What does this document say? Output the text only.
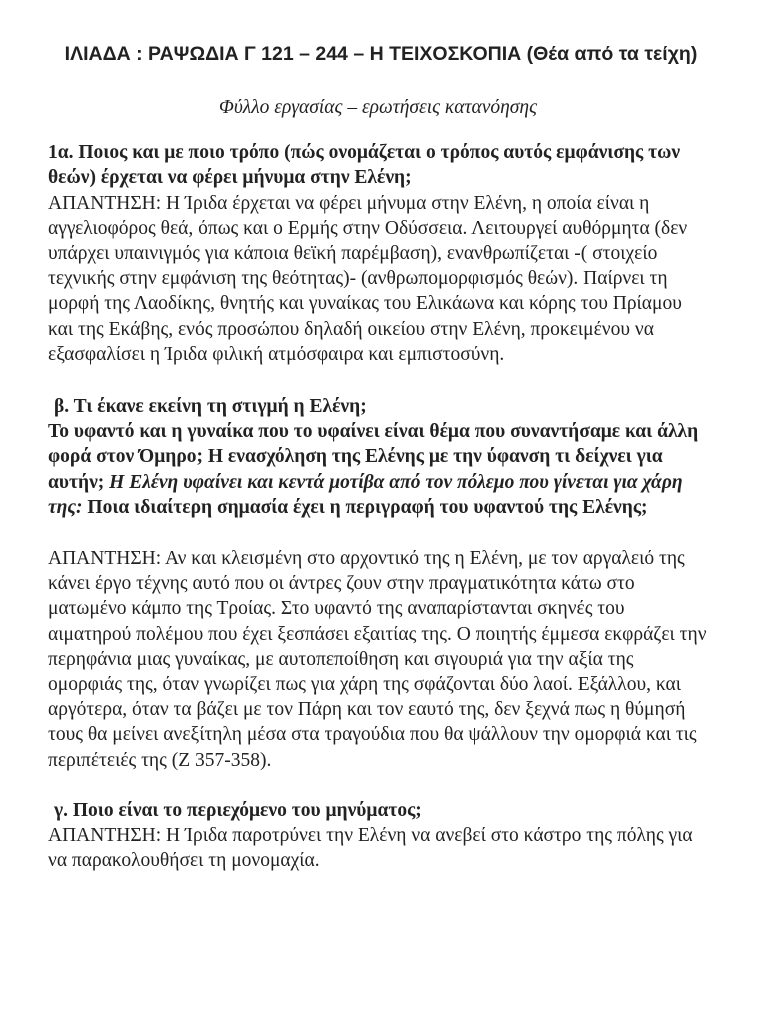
ΙΛΙΑΔΑ : ΡΑΨΩΔΙΑ Γ 121 – 244 – Η ΤΕΙΧΟΣΚΟΠΙΑ (Θέα από τα τείχη)

Φύλλο εργασίας – ερωτήσεις κατανόησης

1α. Ποιος και με ποιο τρόπο (πώς ονομάζεται ο τρόπος αυτός εμφάνισης των θεών) έρχεται να φέρει μήνυμα στην Ελένη;

ΑΠΑΝΤΗΣΗ: Η Ίριδα έρχεται να φέρει μήνυμα στην Ελένη, η οποία είναι η αγγελιοφόρος θεά, όπως και ο Ερμής στην Οδύσσεια. Λειτουργεί αυθόρμητα (δεν υπάρχει υπαινιγμός για κάποια θεϊκή παρέμβαση), ενανθρωπίζεται -( στοιχείο τεχνικής στην εμφάνιση της θεότητας)- (ανθρωπομορφισμός θεών). Παίρνει τη μορφή της Λαοδίκης, θνητής και γυναίκας του Ελικάωνα και κόρης του Πρίαμου και της Εκάβης, ενός προσώπου δηλαδή οικείου στην Ελένη, προκειμένου να εξασφαλίσει η Ίριδα φιλική ατμόσφαιρα και εμπιστοσύνη.

β. Τι έκανε εκείνη τη στιγμή η Ελένη;

Το υφαντό και η γυναίκα που το υφαίνει είναι θέμα που συναντήσαμε και άλλη φορά στον Όμηρο; Η ενασχόληση της Ελένης με την ύφανση τι δείχνει για αυτήν; Η Ελένη υφαίνει και κεντά μοτίβα από τον πόλεμο που γίνεται για χάρη της: Ποια ιδιαίτερη σημασία έχει η περιγραφή του υφαντού της Ελένης;

ΑΠΑΝΤΗΣΗ: Αν και κλεισμένη στο αρχοντικό της η Ελένη, με τον αργαλειό της κάνει έργο τέχνης αυτό που οι άντρες ζουν στην πραγματικότητα κάτω στο ματωμένο κάμπο της Τροίας. Στο υφαντό της αναπαρίστανται σκηνές του αιματηρού πολέμου που έχει ξεσπάσει εξαιτίας της. Ο ποιητής έμμεσα εκφράζει την περηφάνια μιας γυναίκας, με αυτοπεποίθηση και σιγουριά για την αξία της ομορφιάς της, όταν γνωρίζει πως για χάρη της σφάζονται δύο λαοί. Εξάλλου, και αργότερα, όταν τα βάζει με τον Πάρη και τον εαυτό της, δεν ξεχνά πως η θύμησή τους θα μείνει ανεξίτηλη μέσα στα τραγούδια που θα ψάλλουν την ομορφιά και τις περιπέτειές της (Ζ 357-358).

γ. Ποιο είναι το περιεχόμενο του μηνύματος;

ΑΠΑΝΤΗΣΗ: Η Ίριδα παροτρύνει την Ελένη να ανεβεί στο κάστρο της πόλης για να παρακολουθήσει τη μονομαχία.
